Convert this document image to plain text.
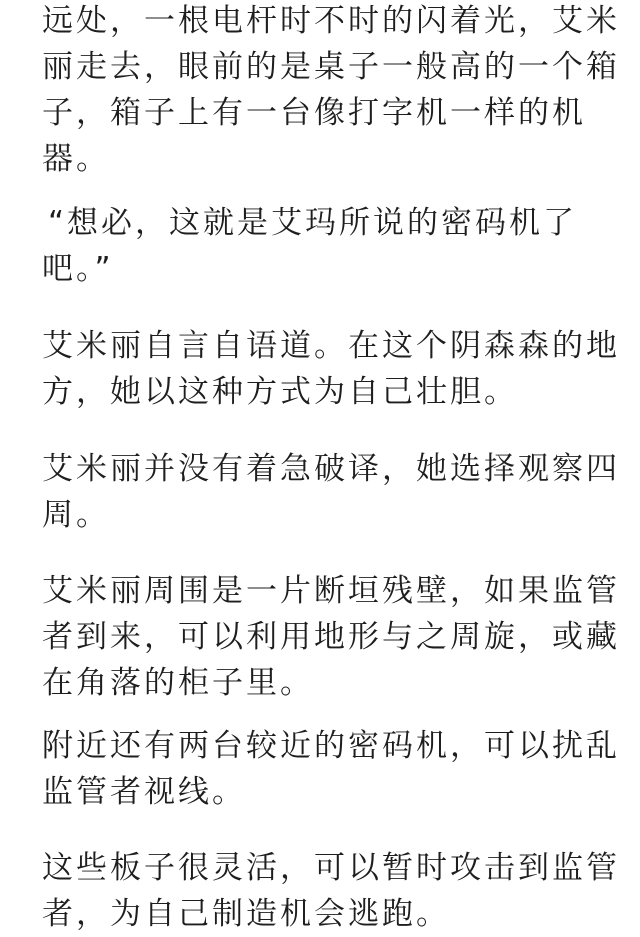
远处，一根电杆时不时的闪着光，艾米
丽走去，眼前的是桌子一般高的一个箱
子，箱子上有一台像打字机一样的机
器。

“想必，这就是艾玛所说的密码机了
吧。”

艾米丽自言自语道。在这个阴森森的地
方，她以这种方式为自己壮胆。

艾米丽并没有着急破译，她选择观察四
周。

艾米丽周围是一片断垣残壁，如果监管
者到来，可以利用地形与之周旋，或藏
在角落的柜子里。

附近还有两台较近的密码机，可以扰乱
监管者视线。

这些板子很灵活，可以暂时攻击到监管
者，为自己制造机会逃跑。
